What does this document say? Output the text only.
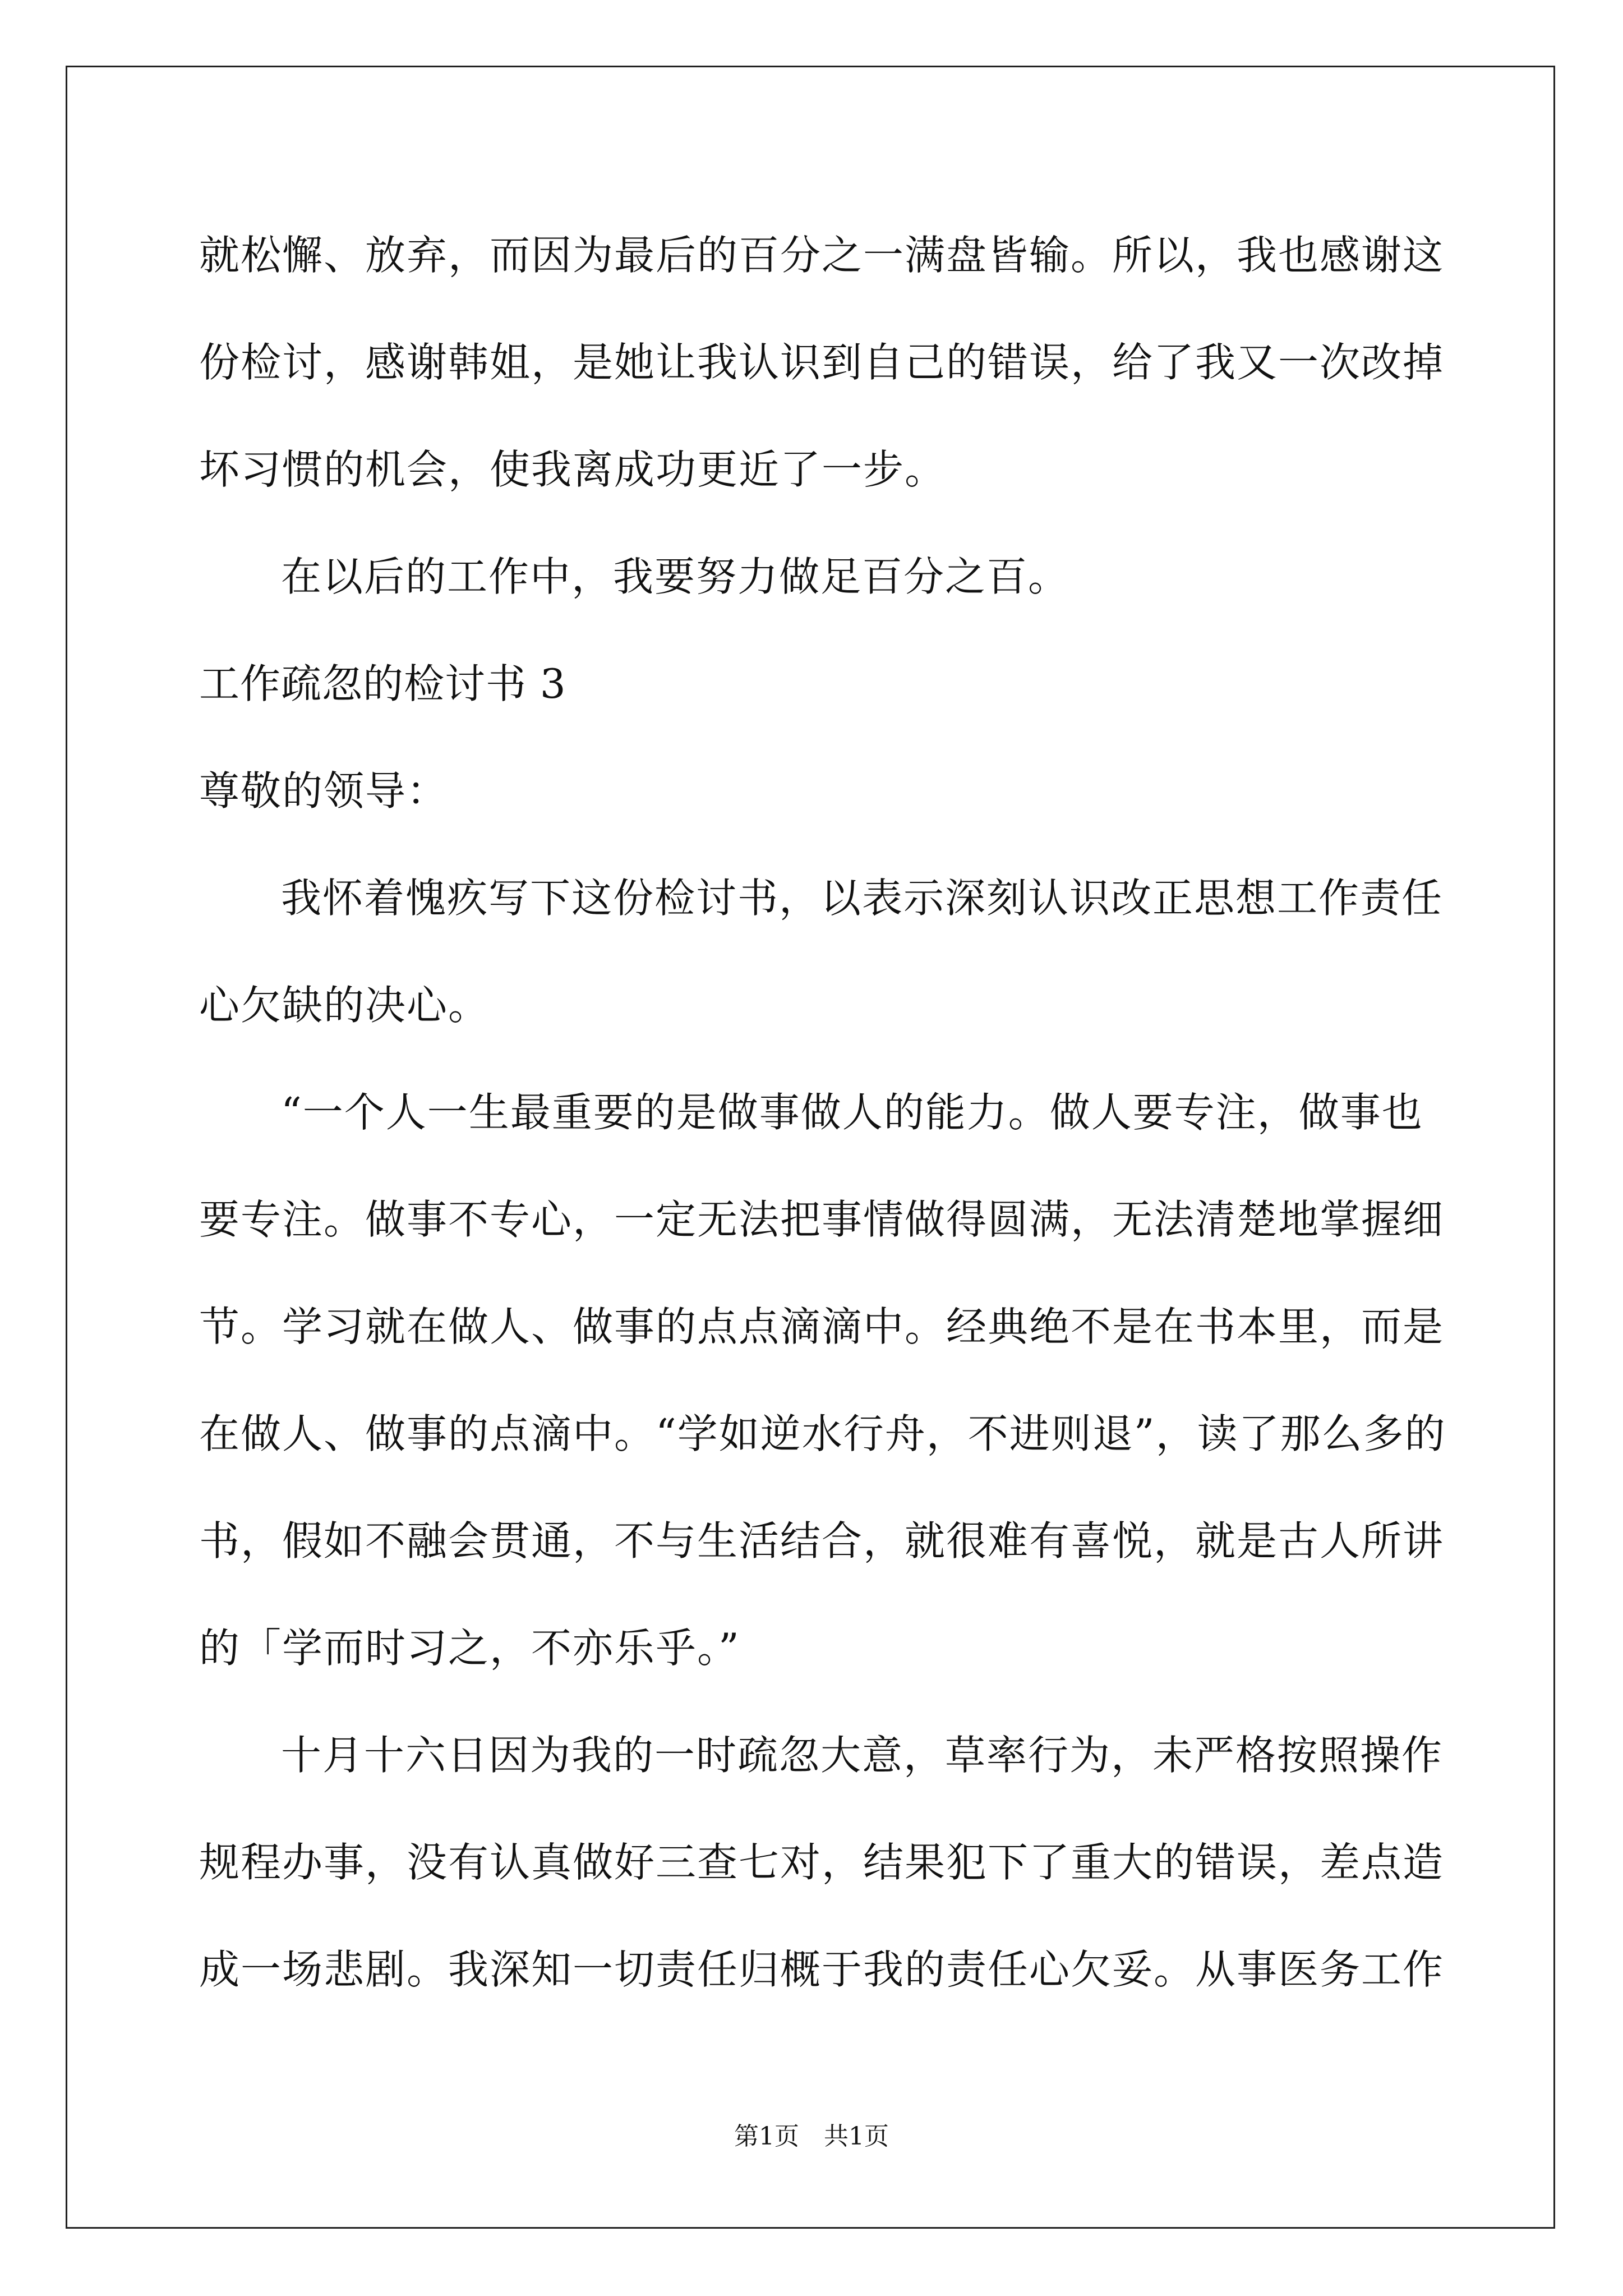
就松懈、放弃，而因为最后的百分之一满盘皆输。所以，我也感谢这
份检讨，感谢韩姐，是她让我认识到自己的错误，给了我又一次改掉
坏习惯的机会，使我离成功更近了一步。
在以后的工作中，我要努力做足百分之百。
工作疏忽的检讨书 3
尊敬的领导：
我怀着愧疚写下这份检讨书，以表示深刻认识改正思想工作责任
心欠缺的决心。
“一个人一生最重要的是做事做人的能力。做人要专注，做事也
要专注。做事不专心，一定无法把事情做得圆满，无法清楚地掌握细
节。学习就在做人、做事的点点滴滴中。经典绝不是在书本里，而是
在做人、做事的点滴中。“学如逆水行舟，不进则退”，读了那么多的
书，假如不融会贯通，不与生活结合，就很难有喜悦，就是古人所讲
的「学而时习之，不亦乐乎。”
十月十六日因为我的一时疏忽大意，草率行为，未严格按照操作
规程办事，没有认真做好三查七对，结果犯下了重大的错误，差点造
成一场悲剧。我深知一切责任归概于我的责任心欠妥。从事医务工作
第1页　共1页
